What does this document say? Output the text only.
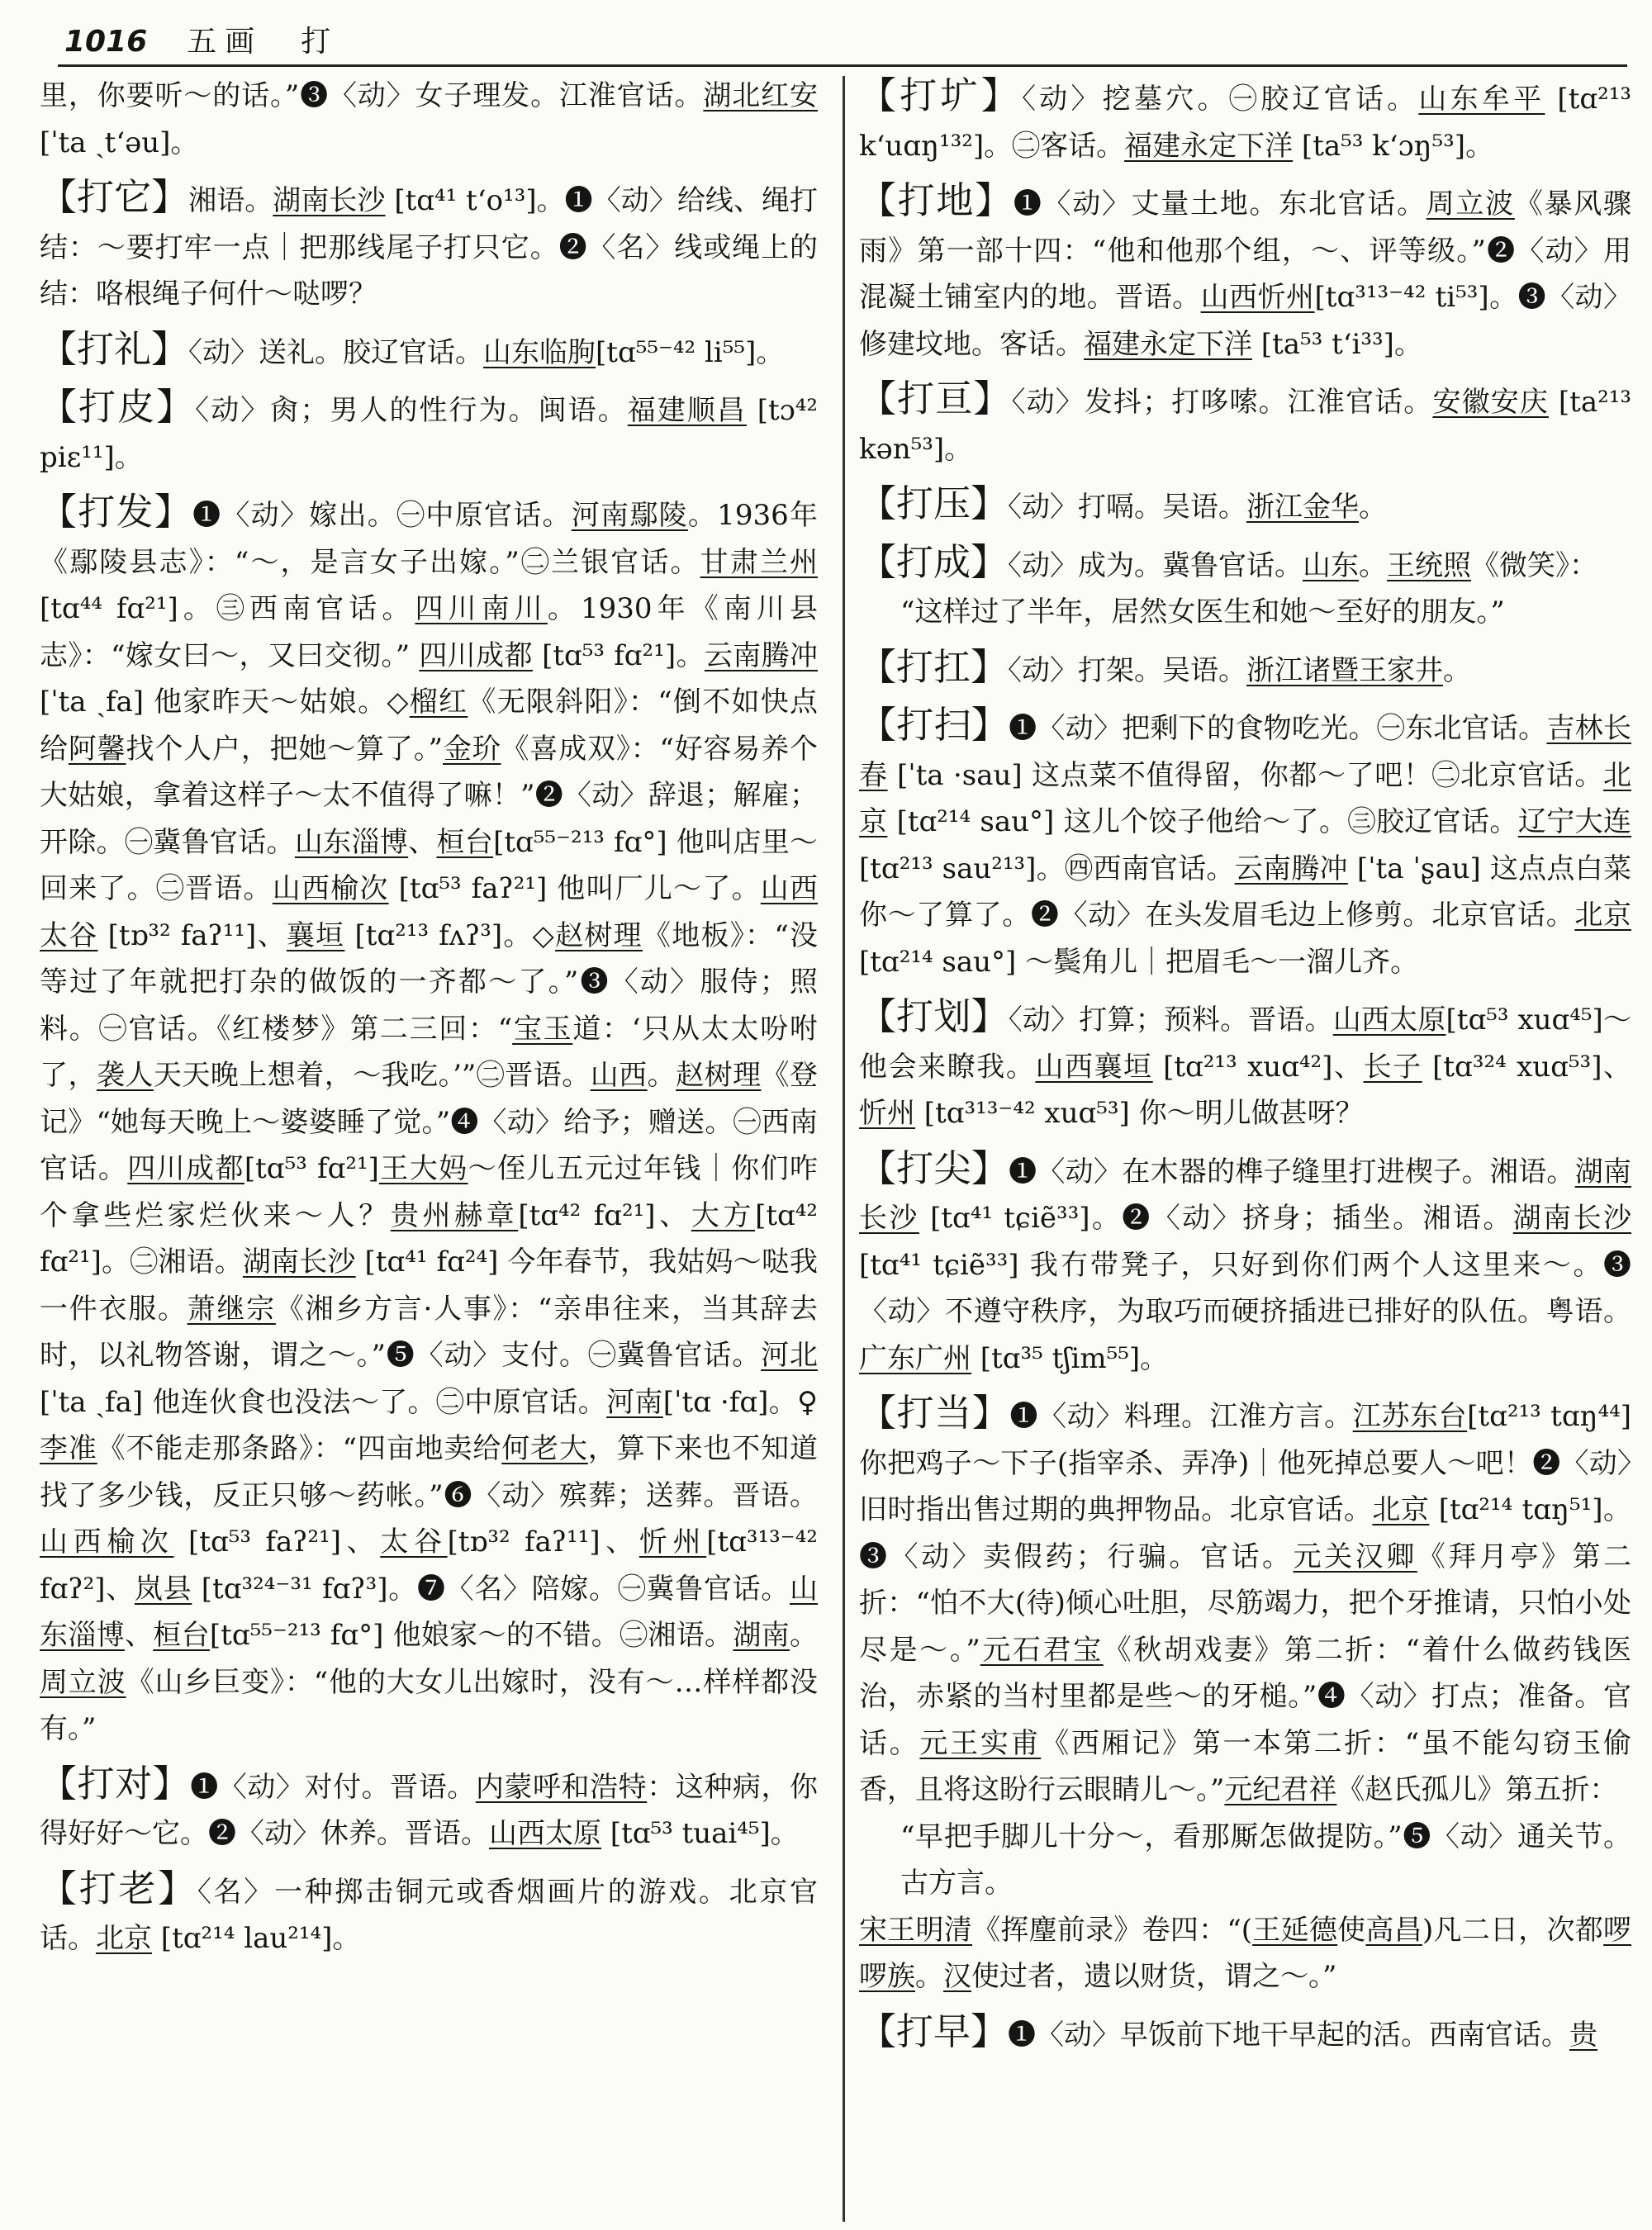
1016 五画　打
里，你要听～的话。”❸〈动〉女子理发。江淮官话。湖北红安 [ˈta ˏtʻəu]。
【打它】湘语。湖南长沙 [tɑ⁴¹ tʻo¹³]。❶〈动〉给线、绳打结：～要打牢一点｜把那线尾子打只它。❷〈名〉线或绳上的结：咯根绳子何什～哒啰？
【打礼】〈动〉送礼。胶辽官话。山东临朐[tɑ⁵⁵⁻⁴² li⁵⁵]。
【打皮】〈动〉肏；男人的性行为。闽语。福建顺昌 [tɔ⁴² piɛ¹¹]。
【打发】❶〈动〉嫁出。㊀中原官话。河南鄢陵。1936年《鄢陵县志》：“～，是言女子出嫁。”㊁兰银官话。甘肃兰州 [tɑ⁴⁴ fɑ²¹]。㊂西南官话。四川南川。1930年《南川县志》：“嫁女曰～，又曰交彻。” 四川成都 [tɑ⁵³ fɑ²¹]。云南腾冲[ˈta ˏfa] 他家昨天～姑娘。◇榴红《无限斜阳》：“倒不如快点给阿馨找个人户，把她～算了。”金玠《喜成双》：“好容易养个大姑娘，拿着这样子～太不值得了嘛！”❷〈动〉辞退；解雇；开除。㊀冀鲁官话。山东淄博、桓台[tɑ⁵⁵⁻²¹³ fɑ°] 他叫店里～回来了。㊁晋语。山西榆次 [tɑ⁵³ faʔ²¹] 他叫厂儿～了。山西太谷 [tɒ³² faʔ¹¹]、襄垣 [tɑ²¹³ fʌʔ³]。◇赵树理《地板》：“没等过了年就把打杂的做饭的一齐都～了。”❸〈动〉服侍；照料。㊀官话。《红楼梦》第二三回：“宝玉道：‘只从太太吩咐了，袭人天天晚上想着，～我吃。’”㊁晋语。山西。赵树理《登记》“她每天晚上～婆婆睡了觉。”❹〈动〉给予；赠送。㊀西南官话。四川成都[tɑ⁵³ fɑ²¹]王大妈～侄儿五元过年钱｜你们咋个拿些烂家烂伙来～人？贵州赫章[tɑ⁴² fɑ²¹]、大方[tɑ⁴² fɑ²¹]。㊁湘语。湖南长沙 [tɑ⁴¹ fɑ²⁴] 今年春节，我姑妈～哒我一件衣服。萧继宗《湘乡方言·人事》：“亲串往来，当其辞去时，以礼物答谢，谓之～。”❺〈动〉支付。㊀冀鲁官话。河北 [ˈta ˏfa] 他连伙食也没法～了。㊁中原官话。河南[ˈtɑ ·fɑ]。♀李准《不能走那条路》：“四亩地卖给何老大，算下来也不知道找了多少钱，反正只够～药帐。”❻〈动〉殡葬；送葬。晋语。山西榆次 [tɑ⁵³ faʔ²¹]、太谷[tɒ³² faʔ¹¹]、忻州[tɑ³¹³⁻⁴² fɑʔ²]、岚县 [tɑ³²⁴⁻³¹ fɑʔ³]。❼〈名〉陪嫁。㊀冀鲁官话。山东淄博、桓台[tɑ⁵⁵⁻²¹³ fɑ°] 他娘家～的不错。㊁湘语。湖南。周立波《山乡巨变》：“他的大女儿出嫁时，没有～…样样都没有。”
【打对】❶〈动〉对付。晋语。内蒙呼和浩特：这种病，你得好好～它。❷〈动〉休养。晋语。山西太原 [tɑ⁵³ tuai⁴⁵]。
【打老】〈名〉一种掷击铜元或香烟画片的游戏。北京官话。北京 [tɑ²¹⁴ lau²¹⁴]。
【打圹】〈动〉挖墓穴。㊀胶辽官话。山东牟平 [tɑ²¹³ kʻuɑŋ¹³²]。㊁客话。福建永定下洋 [ta⁵³ kʻɔŋ⁵³]。
【打地】❶〈动〉丈量土地。东北官话。周立波《暴风骤雨》第一部十四：“他和他那个组，～、评等级。”❷〈动〉用混凝土铺室内的地。晋语。山西忻州[tɑ³¹³⁻⁴² ti⁵³]。❸〈动〉修建坟地。客话。福建永定下洋 [ta⁵³ tʻi³³]。
【打亘】〈动〉发抖；打哆嗦。江淮官话。安徽安庆 [ta²¹³ kən⁵³]。
【打压】〈动〉打嗝。吴语。浙江金华。
【打成】〈动〉成为。冀鲁官话。山东。王统照《微笑》：
“这样过了半年，居然女医生和她～至好的朋友。”
【打扛】〈动〉打架。吴语。浙江诸暨王家井。
【打扫】❶〈动〉把剩下的食物吃光。㊀东北官话。吉林长春 [ˈta ·sau] 这点菜不值得留，你都～了吧！㊁北京官话。北京 [tɑ²¹⁴ sau°] 这儿个饺子他给～了。㊂胶辽官话。辽宁大连 [tɑ²¹³ sau²¹³]。㊃西南官话。云南腾冲 [ˈta ˈʂau] 这点点白菜你～了算了。❷〈动〉在头发眉毛边上修剪。北京官话。北京 [tɑ²¹⁴ sau°] ～鬓角儿｜把眉毛～一溜儿齐。
【打划】〈动〉打算；预料。晋语。山西太原[tɑ⁵³ xuɑ⁴⁵]～他会来瞭我。山西襄垣 [tɑ²¹³ xuɑ⁴²]、长子 [tɑ³²⁴ xuɑ⁵³]、忻州 [tɑ³¹³⁻⁴² xuɑ⁵³] 你～明儿做甚呀？
【打尖】❶〈动〉在木器的榫子缝里打进楔子。湘语。湖南长沙 [tɑ⁴¹ tɕiẽ³³]。❷〈动〉挤身；插坐。湘语。湖南长沙 [tɑ⁴¹ tɕiẽ³³] 我冇带凳子，只好到你们两个人这里来～。❸〈动〉不遵守秩序，为取巧而硬挤插进已排好的队伍。粤语。广东广州 [tɑ³⁵ tʃim⁵⁵]。
【打当】❶〈动〉料理。江淮方言。江苏东台[tɑ²¹³ tɑŋ⁴⁴] 你把鸡子～下子(指宰杀、弄净)｜他死掉总要人～吧！❷〈动〉旧时指出售过期的典押物品。北京官话。北京 [tɑ²¹⁴ tɑŋ⁵¹]。❸〈动〉卖假药；行骗。官话。元关汉卿《拜月亭》第二折：“怕不大(待)倾心吐胆，尽筋竭力，把个牙推请，只怕小处尽是～。”元石君宝《秋胡戏妻》第二折：“着什么做药钱医治，赤紧的当村里都是些～的牙槌。”❹〈动〉打点；准备。官话。元王实甫《西厢记》第一本第二折：“虽不能勾窃玉偷香，且将这盼行云眼睛儿～。”元纪君祥《赵氏孤儿》第五折：
“早把手脚儿十分～，看那厮怎做提防。”❺〈动〉通关节。古方言。
宋王明清《挥麈前录》卷四：“(王延德使高昌)凡二日，次都啰啰族。汉使过者，遗以财货，谓之～。”
【打早】❶〈动〉早饭前下地干早起的活。西南官话。贵
